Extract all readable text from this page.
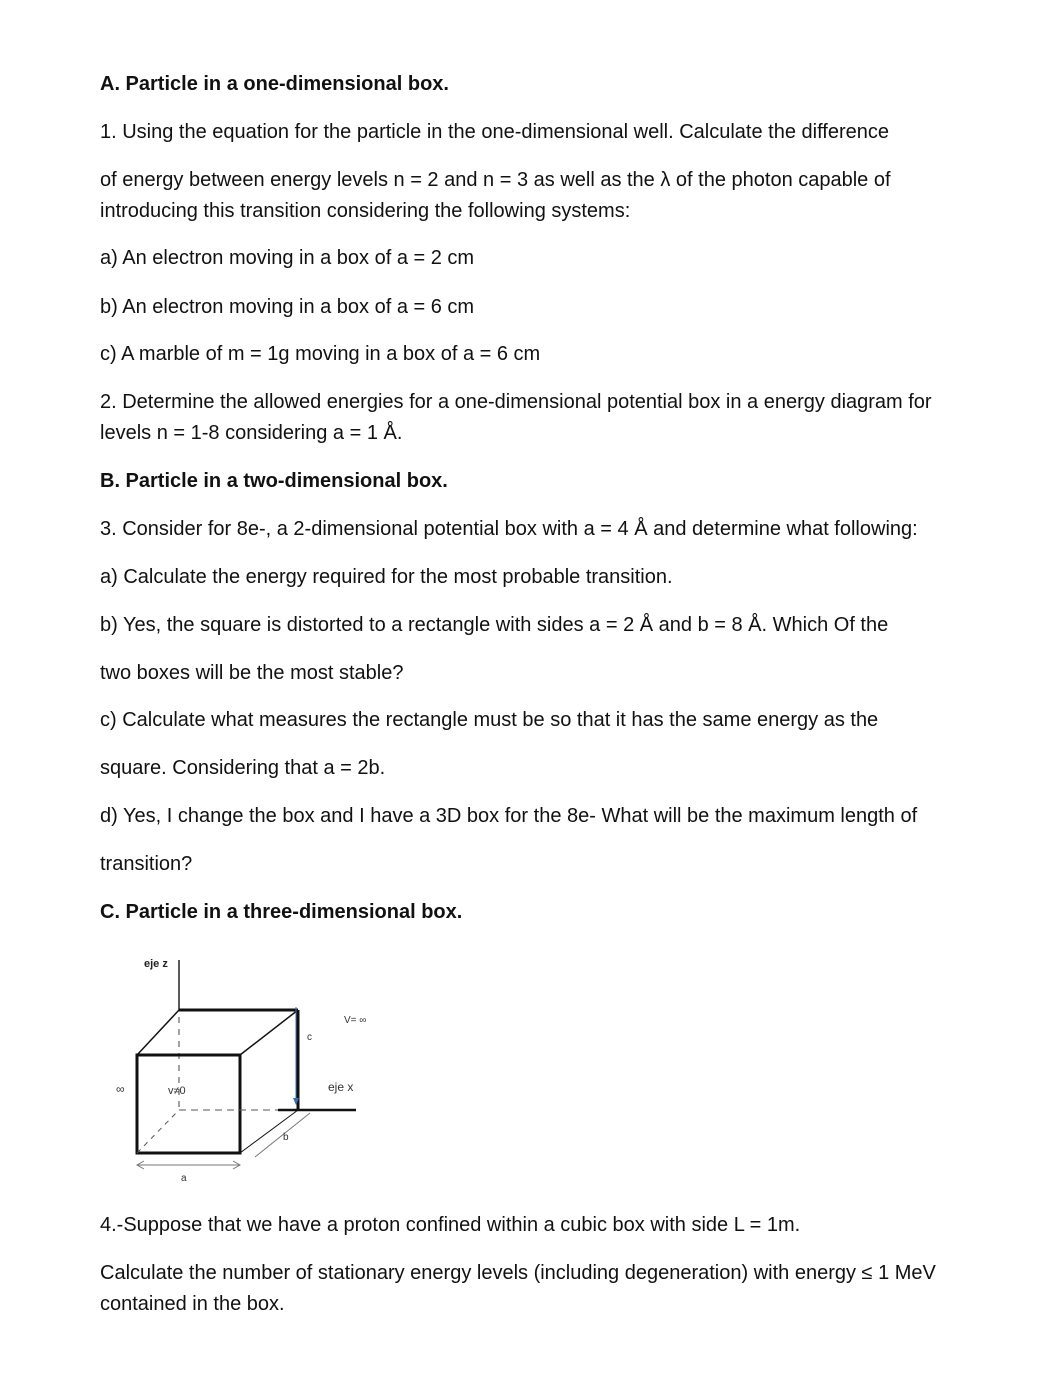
A. Particle in a one-dimensional box.
1. Using the equation for the particle in the one-dimensional well. Calculate the difference
of energy between energy levels n = 2 and n = 3 as well as the λ of the photon capable of
introducing this transition considering the following systems:
a) An electron moving in a box of a = 2 cm
b) An electron moving in a box of a = 6 cm
c) A marble of m = 1g moving in a box of a = 6 cm
2. Determine the allowed energies for a one-dimensional potential box in a energy diagram for
levels n = 1-8 considering a = 1 Å.
B. Particle in a two-dimensional box.
3. Consider for 8e-, a 2-dimensional potential box with a = 4 Å and determine what following:
a) Calculate the energy required for the most probable transition.
b) Yes, the square is distorted to a rectangle with sides a = 2 Å and b = 8 Å. Which Of the
two boxes will be the most stable?
c) Calculate what measures the rectangle must be so that it has the same energy as the
square. Considering that a = 2b.
d) Yes, I change the box and I have a 3D box for the 8e- What will be the maximum length of
transition?
C. Particle in a three-dimensional box.
eje z
V= ∞
c
eje x
∞	v≠0
b
a
4.-Suppose that we have a proton confined within a cubic box with side L = 1m.
Calculate the number of stationary energy levels (including degeneration) with energy ≤ 1 MeV
contained in the box.
